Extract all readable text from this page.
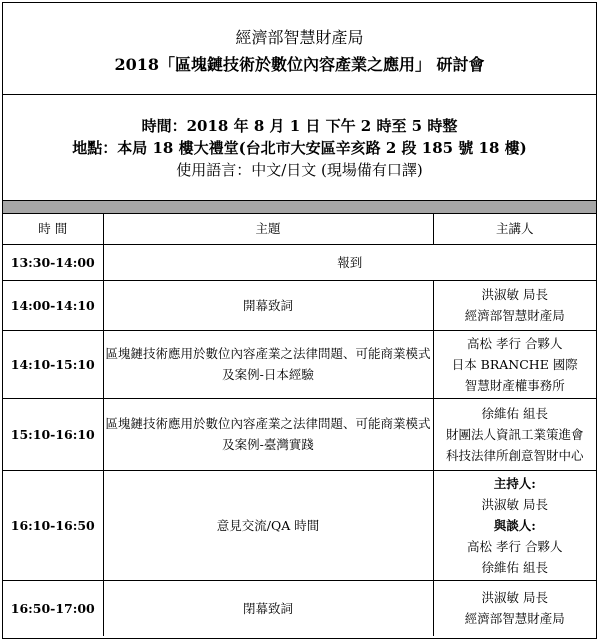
經濟部智慧財產局
2018「區塊鏈技術於數位內容產業之應用」 研討會
時間：2018 年 8 月 1 日 下午 2 時至 5 時整
地點：本局 18 樓大禮堂(台北市大安區辛亥路 2 段 185 號 18 樓)
使用語言：中文/日文 (現場備有口譯)
時 間	主題	主講人
13:30-14:00	報到	
14:00-14:10	開幕致詞	洪淑敏 局長
經濟部智慧財產局

14:10-15:10	區塊鏈技術應用於數位內容產業之法律問題、可能商業模式及案例-日本經驗	高松 孝行 合夥人
日本 BRANCHE 國際
智慧財產權事務所

15:10-16:10	區塊鏈技術應用於數位內容產業之法律問題、可能商業模式及案例-臺灣實踐	徐維佑 組長
財團法人資訊工業策進會
科技法律所創意智財中心

16:10-16:50	意見交流/QA 時間	主持人:
洪淑敏 局長
與談人:
高松 孝行 合夥人
徐維佑 組長

16:50-17:00	閉幕致詞	洪淑敏 局長
經濟部智慧財產局
